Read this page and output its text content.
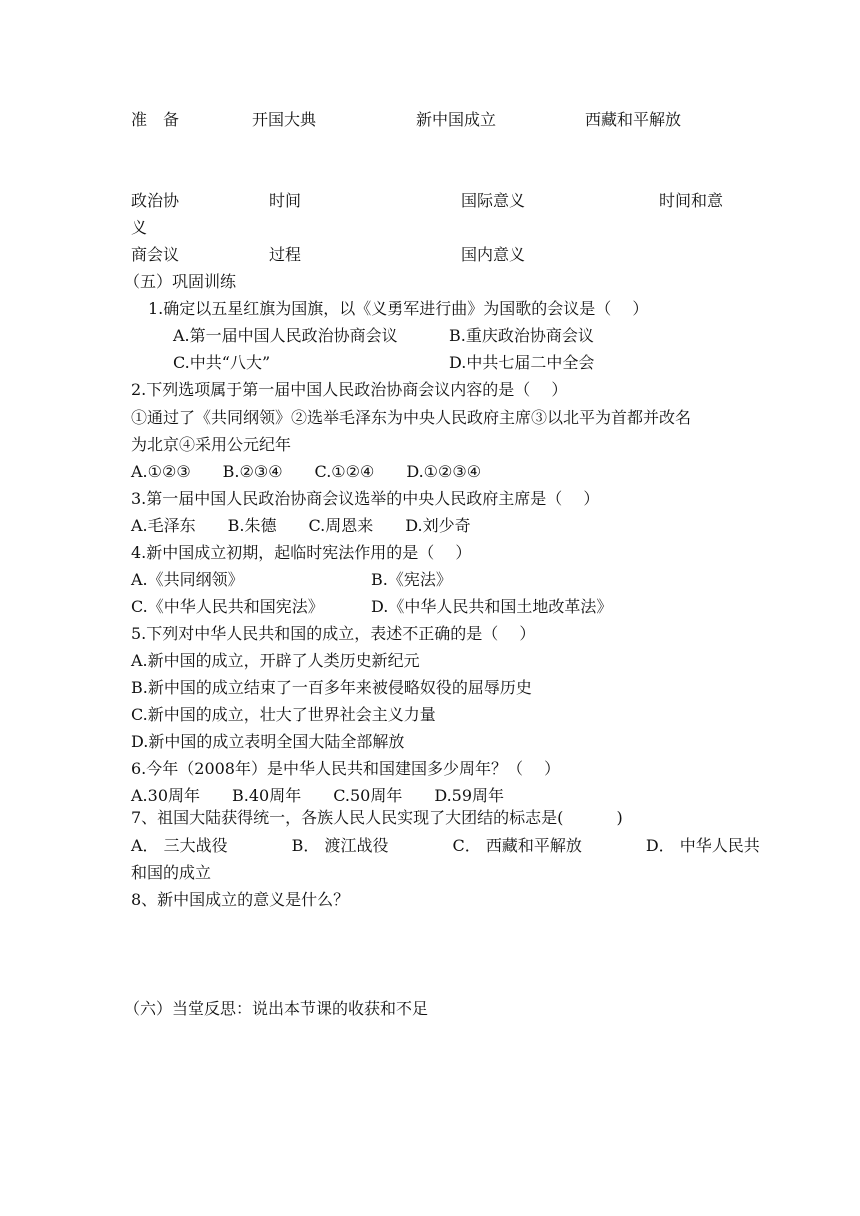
准　备	开国大典	新中国成立	西藏和平解放
政治协	时间	国际意义	时间和意
义
商会议	过程	国内意义
（五）巩固训练
1.确定以五星红旗为国旗，以《义勇军进行曲》为国歌的会议是（　 ）
A.第一届中国人民政治协商会议	B.重庆政治协商会议
C.中共“八大”	D.中共七届二中全会
2.下列选项属于第一届中国人民政治协商会议内容的是（　 ）
①通过了《共同纲领》②选举毛泽东为中央人民政府主席③以北平为首都并改名
为北京④采用公元纪年
A.①②③　　B.②③④　　C.①②④　　D.①②③④
3.第一届中国人民政治协商会议选举的中央人民政府主席是（　 ）
A.毛泽东　　B.朱德　　C.周恩来　　D.刘少奇
4.新中国成立初期，起临时宪法作用的是（　 ）
A.《共同纲领》	B.《宪法》
C.《中华人民共和国宪法》	D.《中华人民共和国土地改革法》
5.下列对中华人民共和国的成立，表述不正确的是（　 ）
A.新中国的成立，开辟了人类历史新纪元
B.新中国的成立结束了一百多年来被侵略奴役的屈辱历史
C.新中国的成立，壮大了世界社会主义力量
D.新中国的成立表明全国大陆全部解放
6.今年（2008年）是中华人民共和国建国多少周年？（　 ）
A.30周年　　B.40周年　　C.50周年　　D.59周年
7、祖国大陆获得统一，各族人民人民实现了大团结的标志是(　　　 )
A． 三大战役　　　　B． 渡江战役　　　　C． 西藏和平解放　　　　D． 中华人民共
和国的成立
8、新中国成立的意义是什么？
（六）当堂反思：说出本节课的收获和不足
